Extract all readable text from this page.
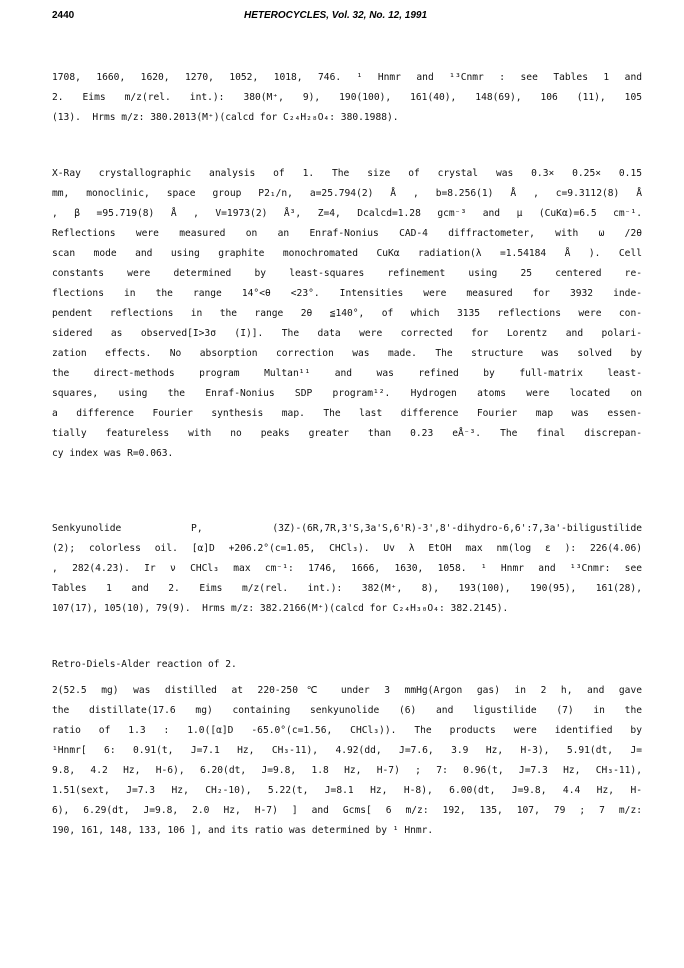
2440	HETEROCYCLES, Vol. 32, No. 12, 1991
1708, 1660, 1620, 1270, 1052, 1018, 746. ¹ Hnmr and ¹³Cnmr : see Tables 1 and
2. Eims m/z(rel. int.): 380(M⁺, 9), 190(100), 161(40), 148(69), 106 (11), 105
(13).  Hrms m/z: 380.2013(M⁺)(calcd for C₂₄H₂₈O₄: 380.1988).
X-Ray crystallographic analysis of 1. The size of crystal was 0.3× 0.25× 0.15
mm, monoclinic, space group P2₁/n, a=25.794(2) Å , b=8.256(1) Å , c=9.3112(8) Å
, β =95.719(8) Å , V=1973(2) Å³, Z=4, Dcalcd=1.28 gcm⁻³ and μ (CuKα)=6.5 cm⁻¹.
Reflections were measured on an Enraf-Nonius CAD-4 diffractometer, with ω /2θ
scan mode and using graphite monochromated CuKα radiation(λ =1.54184 Å ). Cell
constants were determined by least-squares refinement using 25 centered re-
flections in the range 14°<θ <23°. Intensities were measured for 3932 inde-
pendent reflections in the range 2θ ≦140°, of which 3135 reflections were con-
sidered as observed[I>3σ (I)]. The data were corrected for Lorentz and polari-
zation effects. No absorption correction was made. The structure was solved by
the direct-methods program Multan¹¹ and was refined by full-matrix least-
squares, using the Enraf-Nonius SDP program¹². Hydrogen atoms were located on
a difference Fourier synthesis map. The last difference Fourier map was essen-
tially featureless with no peaks greater than 0.23 eÅ⁻³. The final discrepan-
cy index was R=0.063.
Senkyunolide P, (3Z)-(6R,7R,3'S,3a'S,6'R)-3',8'-dihydro-6,6':7,3a'-biligustilide
(2); colorless oil. [α]D +206.2°(c=1.05, CHCl₃). Uv λ EtOH max nm(log ε ): 226(4.06)
, 282(4.23). Ir ν CHCl₃ max cm⁻¹: 1746, 1666, 1630, 1058. ¹ Hnmr and ¹³Cnmr: see
Tables 1 and 2. Eims m/z(rel. int.): 382(M⁺, 8), 193(100), 190(95), 161(28),
107(17), 105(10), 79(9).  Hrms m/z: 382.2166(M⁺)(calcd for C₂₄H₃₀O₄: 382.2145).
Retro-Diels-Alder reaction of 2.
2(52.5 mg) was distilled at 220-250℃ under 3 mmHg(Argon gas) in 2 h, and gave
the distillate(17.6 mg) containing senkyunolide (6) and ligustilide (7) in the
ratio of 1.3 : 1.0([α]D -65.0°(c=1.56, CHCl₃)). The products were identified by
¹Hnmr[ 6: 0.91(t, J=7.1 Hz, CH₃-11), 4.92(dd, J=7.6, 3.9 Hz, H-3), 5.91(dt, J=
9.8, 4.2 Hz, H-6), 6.20(dt, J=9.8, 1.8 Hz, H-7) ; 7: 0.96(t, J=7.3 Hz, CH₃-11),
1.51(sext, J=7.3 Hz, CH₂-10), 5.22(t, J=8.1 Hz, H-8), 6.00(dt, J=9.8, 4.4 Hz, H-
6), 6.29(dt, J=9.8, 2.0 Hz, H-7) ] and Gcms[ 6 m/z: 192, 135, 107, 79 ; 7 m/z:
190, 161, 148, 133, 106 ], and its ratio was determined by ¹ Hnmr.
